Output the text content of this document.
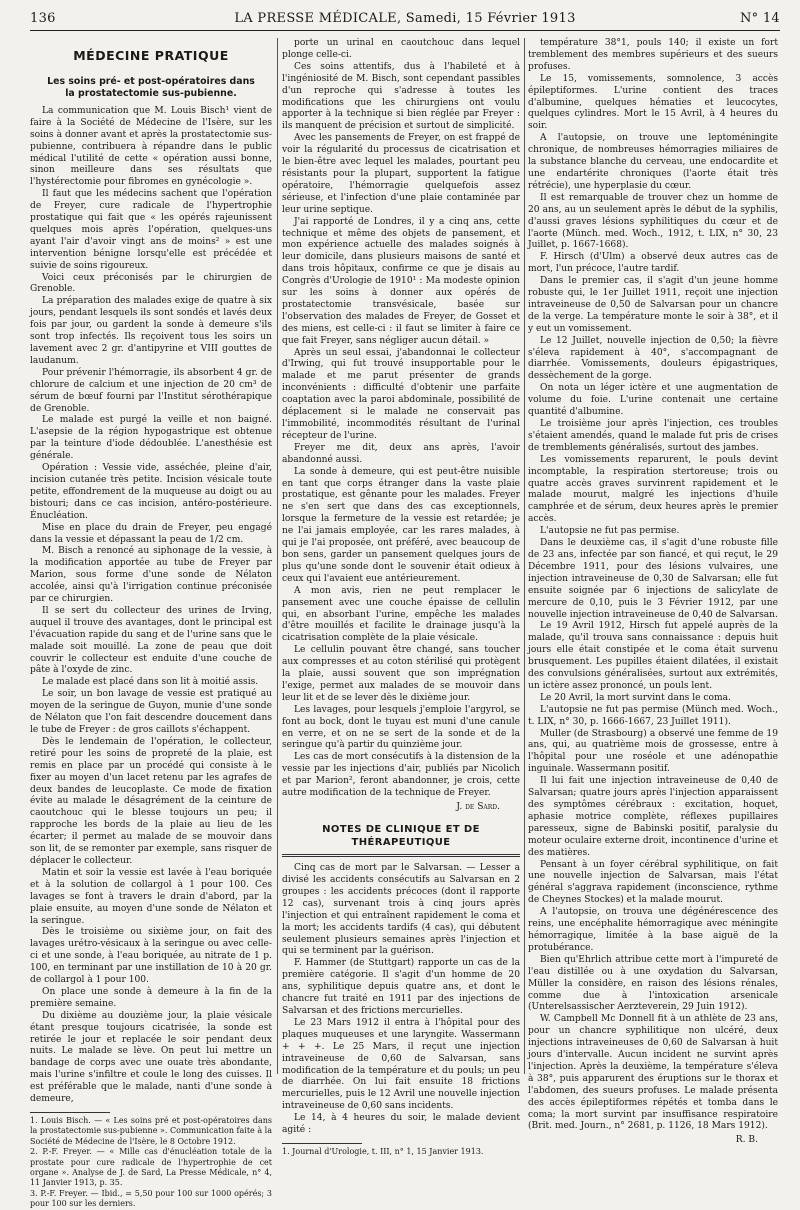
136	LA PRESSE MÉDICALE, Samedi, 15 Février 1913	N° 14

MÉDECINE PRATIQUE

Les soins pré- et post-opératoires dans la prostatectomie sus-pubienne.

La communication que M. Louis Bisch¹ vient de faire à la Société de Médecine de l'Isère, sur les soins à donner avant et après la prostatectomie sus-pubienne, contribuera à répandre dans le public médical l'utilité de cette « opération aussi bonne, sinon meilleure dans ses résultats que l'hystérectomie pour fibromes en gynécologie ».

Il faut que les médecins sachent que l'opération de Freyer, cure radicale de l'hypertrophie prostatique qui fait que « les opérés rajeunissent quelques mois après l'opération, quelques-uns ayant l'air d'avoir vingt ans de moins² » est une intervention bénigne lorsqu'elle est précédée et suivie de soins rigoureux.

Voici ceux préconisés par le chirurgien de Grenoble.

La préparation des malades exige de quatre à six jours, pendant lesquels ils sont sondés et lavés deux fois par jour, ou gardent la sonde à demeure s'ils sont trop infectés. Ils reçoivent tous les soirs un lavement avec 2 gr. d'antipyrine et VIII gouttes de laudanum.

Pour prévenir l'hémorragie, ils absorbent 4 gr. de chlorure de calcium et une injection de 20 cm³ de sérum de bœuf fourni par l'Institut sérothérapique de Grenoble.

Le malade est purgé la veille et non baigné. L'asepsie de la région hypogastrique est obtenue par la teinture d'iode dédoublée. L'anesthésie est générale.

Opération : Vessie vide, asséchée, pleine d'air, incision cutanée très petite. Incision vésicale toute petite, effondrement de la muqueuse au doigt ou au bistouri; dans ce cas incision, antéro-postérieure. Énucléation.

Mise en place du drain de Freyer, peu engagé dans la vessie et dépassant la peau de 1/2 cm.

M. Bisch a renoncé au siphonage de la vessie, à la modification apportée au tube de Freyer par Marion, sous forme d'une sonde de Nélaton accolée, ainsi qu'à l'irrigation continue préconisée par ce chirurgien.

Il se sert du collecteur des urines de Irving, auquel il trouve des avantages, dont le principal est l'évacuation rapide du sang et de l'urine sans que le malade soit mouillé. La zone de peau que doit couvrir le collecteur est enduite d'une couche de pâte à l'oxyde de zinc.

Le malade est placé dans son lit à moitié assis.

Le soir, un bon lavage de vessie est pratiqué au moyen de la seringue de Guyon, munie d'une sonde de Nélaton que l'on fait descendre doucement dans le tube de Freyer : de gros caillots s'échappent.

Dès le lendemain de l'opération, le collecteur, retiré pour les soins de propreté de la plaie, est remis en place par un procédé qui consiste à le fixer au moyen d'un lacet retenu par les agrafes de deux bandes de leucoplaste. Ce mode de fixation évite au malade le désagrément de la ceinture de caoutchouc qui le blesse toujours un peu; il rapproche les bords de la plaie au lieu de les écarter; il permet au malade de se mouvoir dans son lit, de se remonter par exemple, sans risquer de déplacer le collecteur.

Matin et soir la vessie est lavée à l'eau boriquée et à la solution de collargol à 1 pour 100. Ces lavages se font à travers le drain d'abord, par la plaie ensuite, au moyen d'une sonde de Nélaton et la seringue.

Dès le troisième ou sixième jour, on fait des lavages urétro-vésicaux à la seringue ou avec celle-ci et une sonde, à l'eau boriquée, au nitrate de 1 p. 100, en terminant par une instillation de 10 à 20 gr. de collargol à 1 pour 100.

On place une sonde à demeure à la fin de la première semaine.

Du dixième au douzième jour, la plaie vésicale étant presque toujours cicatrisée, la sonde est retirée le jour et replacée le soir pendant deux nuits. Le malade se lève. On peut lui mettre un bandage de corps avec une ouate très abondante, mais l'urine s'infiltre et coule le long des cuisses. Il est préférable que le malade, nanti d'une sonde à demeure,

1. Louis Bisch. — « Les soins pré et post-opératoires dans la prostatectomie sus-pubienne ». Communication faite à la Société de Médecine de l'Isère, le 8 Octobre 1912.

2. P.-F. Freyer. — « Mille cas d'énucléation totale de la prostate pour cure radicale de l'hypertrophie de cet organe ». Analyse de J. de Sard, La Presse Médicale, n° 4, 11 Janvier 1913, p. 35.

3. P.-F. Freyer. — Ibid., = 5,50 pour 100 sur 1000 opérés; 3 pour 100 sur les derniers.

porte un urinal en caoutchouc dans lequel plonge celle-ci.

Ces soins attentifs, dus à l'habileté et à l'ingéniosité de M. Bisch, sont cependant passibles d'un reproche qui s'adresse à toutes les modifications que les chirurgiens ont voulu apporter à la technique si bien réglée par Freyer : ils manquent de précision et surtout de simplicité.

Avec les pansements de Freyer, on est frappé de voir la régularité du processus de cicatrisation et le bien-être avec lequel les malades, pourtant peu résistants pour la plupart, supportent la fatigue opératoire, l'hémorragie quelquefois assez sérieuse, et l'infection d'une plaie contaminée par leur urine septique.

J'ai rapporté de Londres, il y a cinq ans, cette technique et même des objets de pansement, et mon expérience actuelle des malades soignés à leur domicile, dans plusieurs maisons de santé et dans trois hôpitaux, confirme ce que je disais au Congrès d'Urologie de 1910¹ : Ma modeste opinion sur les soins à donner aux opérés de prostatectomie transvésicale, basée sur l'observation des malades de Freyer, de Gosset et des miens, est celle-ci : il faut se limiter à faire ce que fait Freyer, sans négliger aucun détail. »

Après un seul essai, j'abandonnai le collecteur d'Irwing, qui fut trouvé insupportable pour le malade et me parut présenter de grands inconvénients : difficulté d'obtenir une parfaite coaptation avec la paroi abdominale, possibilité de déplacement si le malade ne conservait pas l'immobilité, incommodités résultant de l'urinal récepteur de l'urine.

Freyer me dit, deux ans après, l'avoir abandonné aussi.

La sonde à demeure, qui est peut-être nuisible en tant que corps étranger dans la vaste plaie prostatique, est gênante pour les malades. Freyer ne s'en sert que dans des cas exceptionnels, lorsque la fermeture de la vessie est retardée; je ne l'ai jamais employée, car les rares malades, à qui je l'ai proposée, ont préféré, avec beaucoup de bon sens, garder un pansement quelques jours de plus qu'une sonde dont le souvenir était odieux à ceux qui l'avaient eue antérieurement.

A mon avis, rien ne peut remplacer le pansement avec une couche épaisse de cellulin qui, en absorbant l'urine, empêche les malades d'être mouillés et facilite le drainage jusqu'à la cicatrisation complète de la plaie vésicale.

Le cellulin pouvant être changé, sans toucher aux compresses et au coton stérilisé qui protègent la plaie, aussi souvent que son imprégnation l'exige, permet aux malades de se mouvoir dans leur lit et de se lever dès le dixième jour.

Les lavages, pour lesquels j'emploie l'argyrol, se font au bock, dont le tuyau est muni d'une canule en verre, et on ne se sert de la sonde et de la seringue qu'à partir du quinzième jour.

Les cas de mort consécutifs à la distension de la vessie par les injections d'air, publiés par Nicolich et par Marion², feront abandonner, je crois, cette autre modification de la technique de Freyer.

J. de Sard.

NOTES DE CLINIQUE ET DE THÉRAPEUTIQUE

Cinq cas de mort par le Salvarsan. — Lesser a divisé les accidents consécutifs au Salvarsan en 2 groupes : les accidents précoces (dont il rapporte 12 cas), survenant trois à cinq jours après l'injection et qui entraînent rapidement le coma et la mort; les accidents tardifs (4 cas), qui débutent seulement plusieurs semaines après l'injection et qui se terminent par la guérison.

F. Hammer (de Stuttgart) rapporte un cas de la première catégorie. Il s'agit d'un homme de 20 ans, syphilitique depuis quatre ans, et dont le chancre fut traité en 1911 par des injections de Salvarsan et des frictions mercurielles.

Le 23 Mars 1912 il entra à l'hôpital pour des plaques muqueuses et une laryngite. Wassermann + + +. Le 25 Mars, il reçut une injection intraveineuse de 0,60 de Salvarsan, sans modification de la température et du pouls; un peu de diarrhée. On lui fait ensuite 18 frictions mercurielles, puis le 12 Avril une nouvelle injection intraveineuse de 0,60 sans incidents.

Le 14, à 4 heures du soir, le malade devient agité :

1. Journal d'Urologie, t. III, n° 1, 15 Janvier 1913.

température 38°1, pouls 140; il existe un fort tremblement des membres supérieurs et des sueurs profuses.

Le 15, vomissements, somnolence, 3 accès épileptiformes. L'urine contient des traces d'albumine, quelques hématies et leucocytes, quelques cylindres. Mort le 15 Avril, à 4 heures du soir.

A l'autopsie, on trouve une leptoméningite chronique, de nombreuses hémorragies miliaires de la substance blanche du cerveau, une endocardite et une endartérite chroniques (l'aorte était très rétrécie), une hyperplasie du cœur.

Il est remarquable de trouver chez un homme de 20 ans, au un seulement après le début de la syphilis, d'aussi graves lésions syphilitiques du cœur et de l'aorte (Münch. med. Woch., 1912, t. LIX, n° 30, 23 Juillet, p. 1667-1668).

F. Hirsch (d'Ulm) a observé deux autres cas de mort, l'un précoce, l'autre tardif.

Dans le premier cas, il s'agit d'un jeune homme robuste qui, le 1er Juillet 1911, reçoit une injection intraveineuse de 0,50 de Salvarsan pour un chancre de la verge. La température monte le soir à 38°, et il y eut un vomissement.

Le 12 Juillet, nouvelle injection de 0,50; la fièvre s'éleva rapidement à 40°, s'accompagnant de diarrhée. Vomissements, douleurs épigastriques, dessèchement de la gorge.

On nota un léger ictère et une augmentation de volume du foie. L'urine contenait une certaine quantité d'albumine.

Le troisième jour après l'injection, ces troubles s'étaient amendés, quand le malade fut pris de crises de tremblements généralisés, surtout des jambes.

Les vomissements reparurent, le pouls devint incomptable, la respiration stertoreuse; trois ou quatre accès graves survinrent rapidement et le malade mourut, malgré les injections d'huile camphrée et de sérum, deux heures après le premier accès.

L'autopsie ne fut pas permise.

Dans le deuxième cas, il s'agit d'une robuste fille de 23 ans, infectée par son fiancé, et qui reçut, le 29 Décembre 1911, pour des lésions vulvaires, une injection intraveineuse de 0,30 de Salvarsan; elle fut ensuite soignée par 6 injections de salicylate de mercure de 0,10, puis le 3 Février 1912, par une nouvelle injection intraveineuse de 0,40 de Salvarsan.

Le 19 Avril 1912, Hirsch fut appelé auprès de la malade, qu'il trouva sans connaissance : depuis huit jours elle était constipée et le coma était survenu brusquement. Les pupilles étaient dilatées, il existait des convulsions généralisées, surtout aux extrémités, un ictère assez prononcé, un pouls lent.

Le 20 Avril, la mort survint dans le coma.

L'autopsie ne fut pas permise (Münch med. Woch., t. LIX, n° 30, p. 1666-1667, 23 Juillet 1911).

Muller (de Strasbourg) a observé une femme de 19 ans, qui, au quatrième mois de grossesse, entre à l'hôpital pour une roséole et une adénopathie inguinale. Wassermann positif.

Il lui fait une injection intraveineuse de 0,40 de Salvarsan; quatre jours après l'injection apparaissent des symptômes cérébraux : excitation, hoquet, aphasie motrice complète, réflexes pupillaires paresseux, signe de Babinski positif, paralysie du moteur oculaire externe droit, incontinence d'urine et des matières.

Pensant à un foyer cérébral syphilitique, on fait une nouvelle injection de Salvarsan, mais l'état général s'aggrava rapidement (inconscience, rythme de Cheynes Stockes) et la malade mourut.

A l'autopsie, on trouva une dégénérescence des reins, une encéphalite hémorragique avec méningite hémorragique, limitée à la base aiguë de la protubérance.

Bien qu'Ehrlich attribue cette mort à l'impureté de l'eau distillée ou à une oxydation du Salvarsan, Müller la considère, en raison des lésions rénales, comme due à l'intoxication arsenicale (Unterelsassischer Aerzteverein, 29 Juin 1912).

W. Campbell Mc Donnell fit à un athlète de 23 ans, pour un chancre syphilitique non ulcéré, deux injections intraveineuses de 0,60 de Salvarsan à huit jours d'intervalle. Aucun incident ne survint après l'injection. Après la deuxième, la température s'éleva à 38°, puis apparurent des éruptions sur le thorax et l'abdomen, des sueurs profuses. Le malade présenta des accès épileptiformes répétés et tomba dans le coma; la mort survint par insuffisance respiratoire (Brit. med. Journ., n° 2681, p. 1126, 18 Mars 1912).

R. B.
